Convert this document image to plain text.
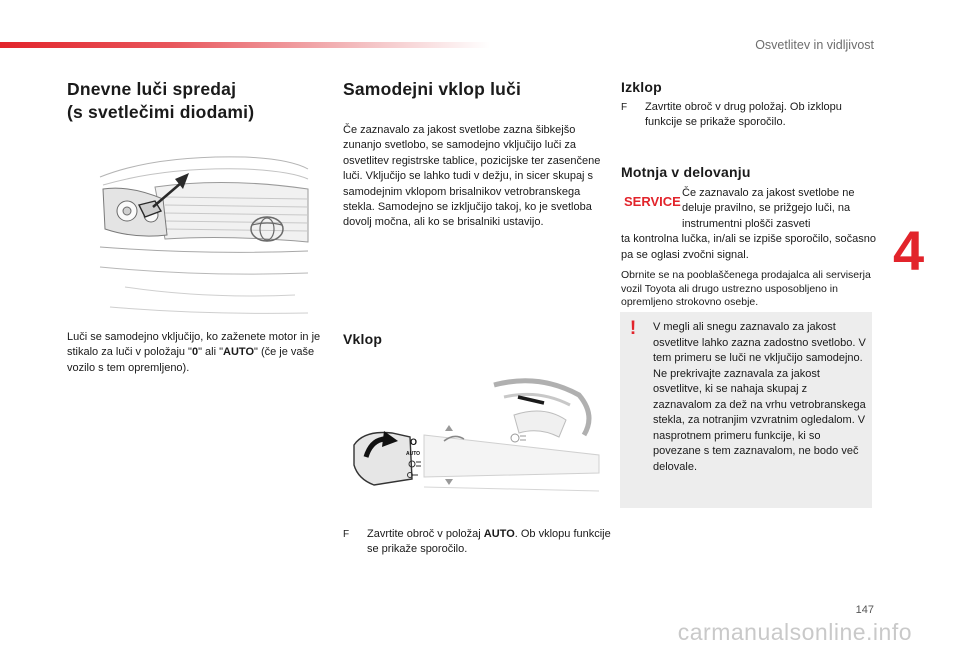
Osvetlitev in vidljivost
4
Dnevne luči spredaj
(s svetlečimi diodami)

Luči se samodejno vključijo, ko zaženete motor in je stikalo za luči v položaju "0" ali "AUTO" (če je vaše vozilo s tem opremljeno).

Samodejni vklop luči

Če zaznavalo za jakost svetlobe zazna šibkejšo zunanjo svetlobo, se samodejno vključijo luči za osvetlitev registrske tablice, pozicijske ter zasenčene luči. Vključijo se lahko tudi v dežju, in sicer skupaj s samodejnim vklopom brisalnikov vetrobranskega stekla. Samodejno se izključijo takoj, ko je svetloba dovolj močna, ali ko se brisalniki ustavijo.

Vklop
O
AUTO
F	Zavrtite obroč v položaj AUTO. Ob vklopu funkcije se prikaže sporočilo.

Izklop
F	Zavrtite obroč v drug položaj. Ob izklopu funkcije se prikaže sporočilo.

Motnja v delovanju
SERVICE

Če zaznavalo za jakost svetlobe ne deluje pravilno, se prižgejo luči, na instrumentni plošči zasveti

ta kontrolna lučka, in/ali se izpiše sporočilo, sočasno pa se oglasi zvočni signal.

Obrnite se na pooblaščenega prodajalca ali serviserja vozil Toyota ali drugo ustrezno usposobljeno in opremljeno strokovno osebje.

!	V megli ali snegu zaznavalo za jakost osvetlitve lahko zazna zadostno svetlobo. V tem primeru se luči ne vključijo samodejno. Ne prekrivajte zaznavala za jakost osvetlitve, ki se nahaja skupaj z zaznavalom za dež na vrhu vetrobranskega stekla, za notranjim vzvratnim ogledalom. V nasprotnem primeru funkcije, ki so povezane s tem zaznavalom, ne bodo več delovale.

147
carmanualsonline.info
